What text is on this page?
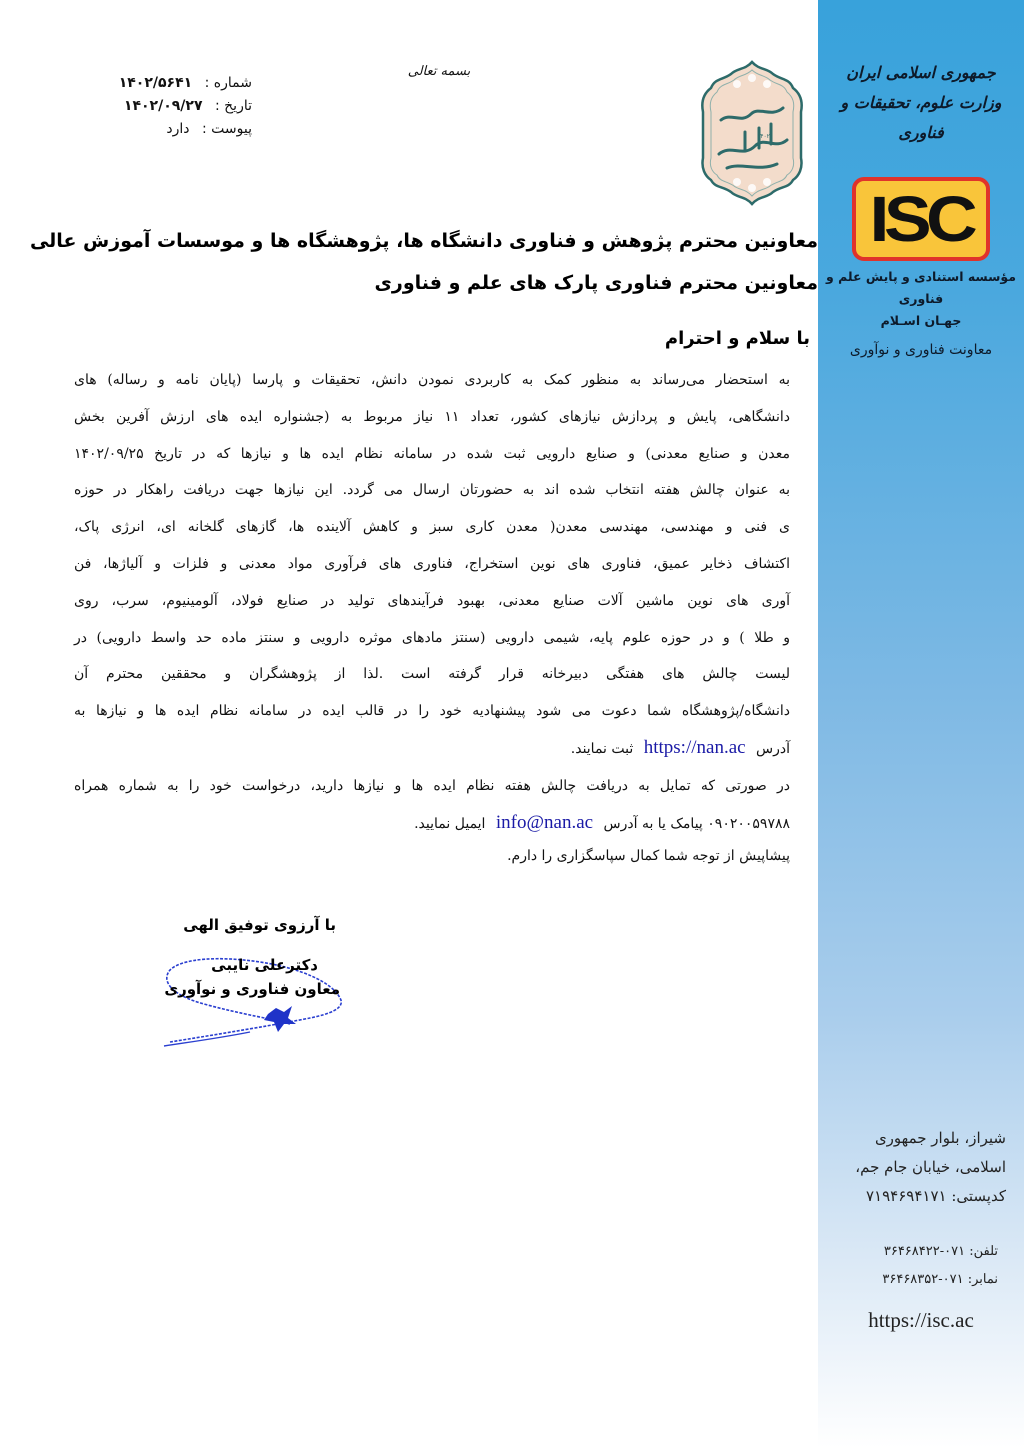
جمهوری اسلامی ایران
وزارت علوم، تحقیقات و فناوری
ISC
مؤسسه استنادی و پایش علم و فناوری
جهـان اسـلام
معاونت فناوری و نوآوری
شیراز، بلوار جمهوری
اسلامی، خیابان جام جم،
کدپستی: ۷۱۹۴۶۹۴۱۷۱
تلفن: ۰۷۱-۳۶۴۶۸۴۲۲
نمابر: ۰۷۱-۳۶۴۶۸۳۵۲
https://isc.ac
بسمه تعالی
شماره : ۱۴۰۲/۵۶۴۱
تاریخ : ۱۴۰۲/۰۹/۲۷
پیوست : دارد	۱۴۰۲
معاونین محترم پژوهش و فناوری دانشگاه ها، پژوهشگاه ها و موسسات آموزش عالی
معاونین محترم فناوری پارک های علم و فناوری
با سلام و احترام
به استحضار می‌رساند به منظور کمک به کاربردی نمودن دانش، تحقیقات و پارسا (پایان نامه و رساله) های
دانشگاهی، پایش و پردازش نیازهای کشور، تعداد ۱۱ نیاز مربوط به (جشنواره ایده های ارزش آفرین بخش
معدن و صنایع معدنی) و صنایع دارویی ثبت شده در سامانه نظام ایده ها و نیازها که در تاریخ ۱۴۰۲/۰۹/۲۵
به عنوان چالش هفته انتخاب شده اند به حضورتان ارسال می گردد. این نیازها جهت دریافت راهکار در حوزه
ی فنی و مهندسی، مهندسی معدن( معدن کاری سبز و کاهش آلاینده ها، گازهای گلخانه ای، انرژی پاک،
اکتشاف ذخایر عمیق، فناوری های نوین استخراج، فناوری های فرآوری مواد معدنی و فلزات و آلیاژها، فن
آوری های نوین ماشین آلات صنایع معدنی، بهبود فرآیندهای تولید در صنایع فولاد، آلومینیوم، سرب، روی
و طلا ) و در حوزه علوم پایه، شیمی دارویی (سنتز مادهای موثره دارویی و سنتز ماده حد واسط دارویی) در
لیست چالش های هفتگی دبیرخانه قرار گرفته است .لذا از پژوهشگران و محققین محترم آن
دانشگاه/پژوهشگاه شما دعوت می شود پیشنهادیه خود را در قالب ایده در سامانه نظام ایده ها و نیازها به
آدرس https://nan.ac ثبت نمایند.
در صورتی که تمایل به دریافت چالش هفته نظام ایده ها و نیازها دارید، درخواست خود را به شماره همراه
۰۹۰۲۰۰۵۹۷۸۸ پیامک یا به آدرس info@nan.ac ایمیل نمایید.
پیشاپیش از توجه شما کمال سپاسگزاری را دارم.
با آرزوی توفیق الهی
دکترعلی نایبی
معاون فناوری و نوآوری
